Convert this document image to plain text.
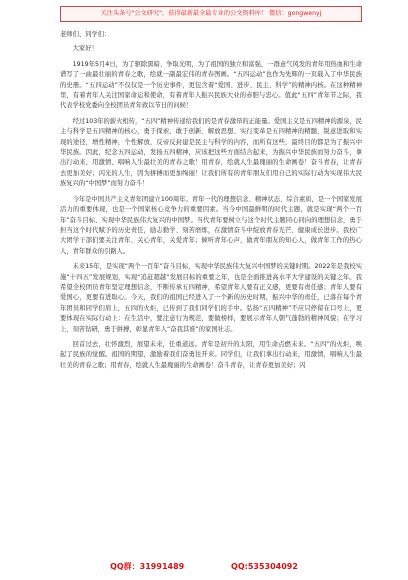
关注头条号"公文研究"，获得最新最全最专业的公文资料库！ 微信：gongwenyj

老师们、同学们：

大家好！

1919年5月4日，为了驱除黑暗、争取光明，为了祖国的独立和富强，一群意气风发的青年用热血和生命谱写了一曲最壮丽的青春之歌，绘就一副最宏伟的青春图画。“五四运动”也作为先辉的一页载入了中华民族的史册。“五四运动”不仅仅是一个历史事件，更包含着“爱国、进步、民主、科学”的精神内核。在这种精神里，有着青年人关注国家命运和使命，有着青年人振兴民族大业的赤胆与忠心。值此“五四”青年节之际，我代表学校党委向全校团员青年致以节日的问候！

经过103年的薪火相传，“五四”精神传递给我们的是青春激昂的正能量。爱国主义是五四精神的源泉，民主与科学是五四精神的核心，勇于探索、敢于创新、解放思想、实行变革是五四精神的精髓，锐意进取和实现的途径，增性精神，个性解放，反帝反封建是民主与科学的内容，而所有这些，最终目的都是为了振兴中华民族。因此，纪念五四运动，发扬五四精神，应该把这些方面结合起来，为振兴中华民族而努力奋斗，拿出行动来，用激情、唱响人生最壮美的青春之歌！用青春，绘就人生最瑰丽的生命画卷！奋斗青春，让青春去更加美好；闪光的人生，因为拼搏而更加绚丽！让我们所有的青年朋友们用自己的实际行动为实现伟大民族复兴的“中国梦”而努力奋斗！

今年是中国共产主义青年团建立100周年。青年一代的理想信念、精神状态、综合素质，是一个国家发展活力的重要体现，也是一个国家核心竞争力的重要因素。当今中国最鲜明的时代主题，就是实现“两个一百年”奋斗目标、实现中华民族伟大复兴的中国梦。当代青年要树立与这个时代主题同心同向的理想信念，勇于担当这个时代赋予的历史责任，励志勤学、刻苦磨炼，在激情奋斗中绽放青春光芒、健康成长进步。我校广大团学干部们要关注青年、关心青年，关爱青年；倾听青年心声，做青年朋友的知心人，做青年工作的热心人，青年群众的引路人。

未来15年，是实现“两个一百年”奋斗目标，实现中华民族伟大复兴中国梦的关键时期。2022年是我校实施“十四五”发展规划，实现“追赶超越”发展目标的重要之年，也是全面推进高水平大学建设的关键之年。我希望全校团员青年坚定理想信念，不断传承五四精神，希望青年人要有正义感，更要有责任感；青年人要有爱国心，更要有进取心。今天，我们的祖国已经进入了一个新的历史时期，振兴中华的责任，已落在每个青年团员和同学们肩上，五四的火炬，已传到了我们同学们的手中。弘扬“五四精神”不应只停留在口号上，更要体现在实际行动上：在生活中，要注意行为规范，要做榜样，要展示青年人朝气蓬勃的精神风貌；在学习上，刻苦钻研，勇于拼搏，彰显青年人“奋我其谁”的家国社志。

回首过去，壮怀激烈，展望未来，任重道远。青年是初升的太阳，用生命点燃未来。“五四”的火炬，唤起了民族的觉醒。祖国的期望，激励着我们奋勇往开来。同学们，让我们拿出行动来，用激情，唱响人生最壮美的青春之歌；用青春，绘就人生最瑰丽的生命画卷！奋斗青春，让青春更加美好；闪

QQ群：31991489	QQ:535304092
